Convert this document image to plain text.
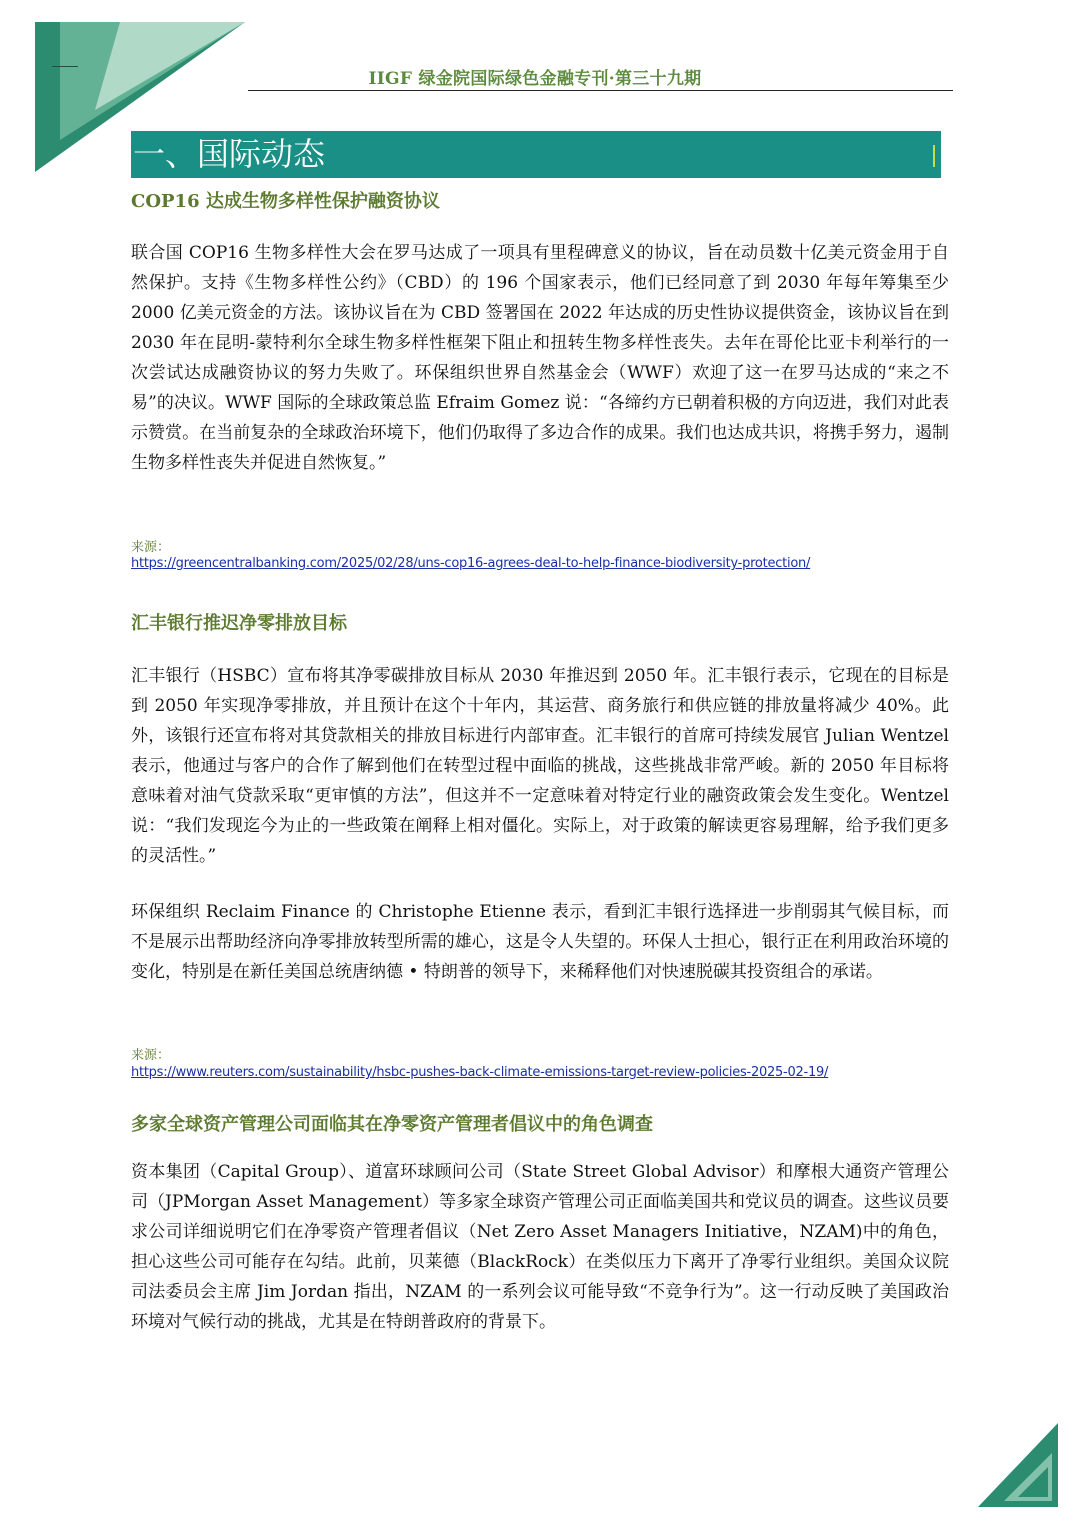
IIGF 绿金院国际绿色金融专刊·第三十九期
一、国际动态
COP16 达成生物多样性保护融资协议
联合国 COP16 生物多样性大会在罗马达成了一项具有里程碑意义的协议，旨在动员数十亿美元资金用于自然保护。支持《生物多样性公约》（CBD）的 196 个国家表示，他们已经同意了到 2030 年每年筹集至少 2000 亿美元资金的方法。该协议旨在为 CBD 签署国在 2022 年达成的历史性协议提供资金，该协议旨在到 2030 年在昆明-蒙特利尔全球生物多样性框架下阻止和扭转生物多样性丧失。去年在哥伦比亚卡利举行的一次尝试达成融资协议的努力失败了。环保组织世界自然基金会（WWF）欢迎了这一在罗马达成的“来之不易”的决议。WWF 国际的全球政策总监 Efraim Gomez 说：“各缔约方已朝着积极的方向迈进，我们对此表示赞赏。在当前复杂的全球政治环境下，他们仍取得了多边合作的成果。我们也达成共识，将携手努力，遏制生物多样性丧失并促进自然恢复。”
来源：
https://greencentralbanking.com/2025/02/28/uns-cop16-agrees-deal-to-help-finance-biodiversity-protection/
汇丰银行推迟净零排放目标
汇丰银行（HSBC）宣布将其净零碳排放目标从 2030 年推迟到 2050 年。汇丰银行表示，它现在的目标是到 2050 年实现净零排放，并且预计在这个十年内，其运营、商务旅行和供应链的排放量将减少 40%。此外，该银行还宣布将对其贷款相关的排放目标进行内部审查。汇丰银行的首席可持续发展官 Julian Wentzel 表示，他通过与客户的合作了解到他们在转型过程中面临的挑战，这些挑战非常严峻。新的 2050 年目标将意味着对油气贷款采取“更审慎的方法”，但这并不一定意味着对特定行业的融资政策会发生变化。Wentzel 说：“我们发现迄今为止的一些政策在阐释上相对僵化。实际上，对于政策的解读更容易理解，给予我们更多的灵活性。”
环保组织 Reclaim Finance 的 Christophe Etienne 表示，看到汇丰银行选择进一步削弱其气候目标，而不是展示出帮助经济向净零排放转型所需的雄心，这是令人失望的。环保人士担心，银行正在利用政治环境的变化，特别是在新任美国总统唐纳德 • 特朗普的领导下，来稀释他们对快速脱碳其投资组合的承诺。
来源：
https://www.reuters.com/sustainability/hsbc-pushes-back-climate-emissions-target-review-policies-2025-02-19/
多家全球资产管理公司面临其在净零资产管理者倡议中的角色调查
资本集团（Capital Group）、道富环球顾问公司（State Street Global Advisor）和摩根大通资产管理公司（JPMorgan Asset Management）等多家全球资产管理公司正面临美国共和党议员的调查。这些议员要求公司详细说明它们在净零资产管理者倡议（Net Zero Asset Managers Initiative，NZAM)中的角色，担心这些公司可能存在勾结。此前，贝莱德（BlackRock）在类似压力下离开了净零行业组织。美国众议院司法委员会主席 Jim Jordan 指出，NZAM 的一系列会议可能导致“不竞争行为”。这一行动反映了美国政治环境对气候行动的挑战，尤其是在特朗普政府的背景下。
